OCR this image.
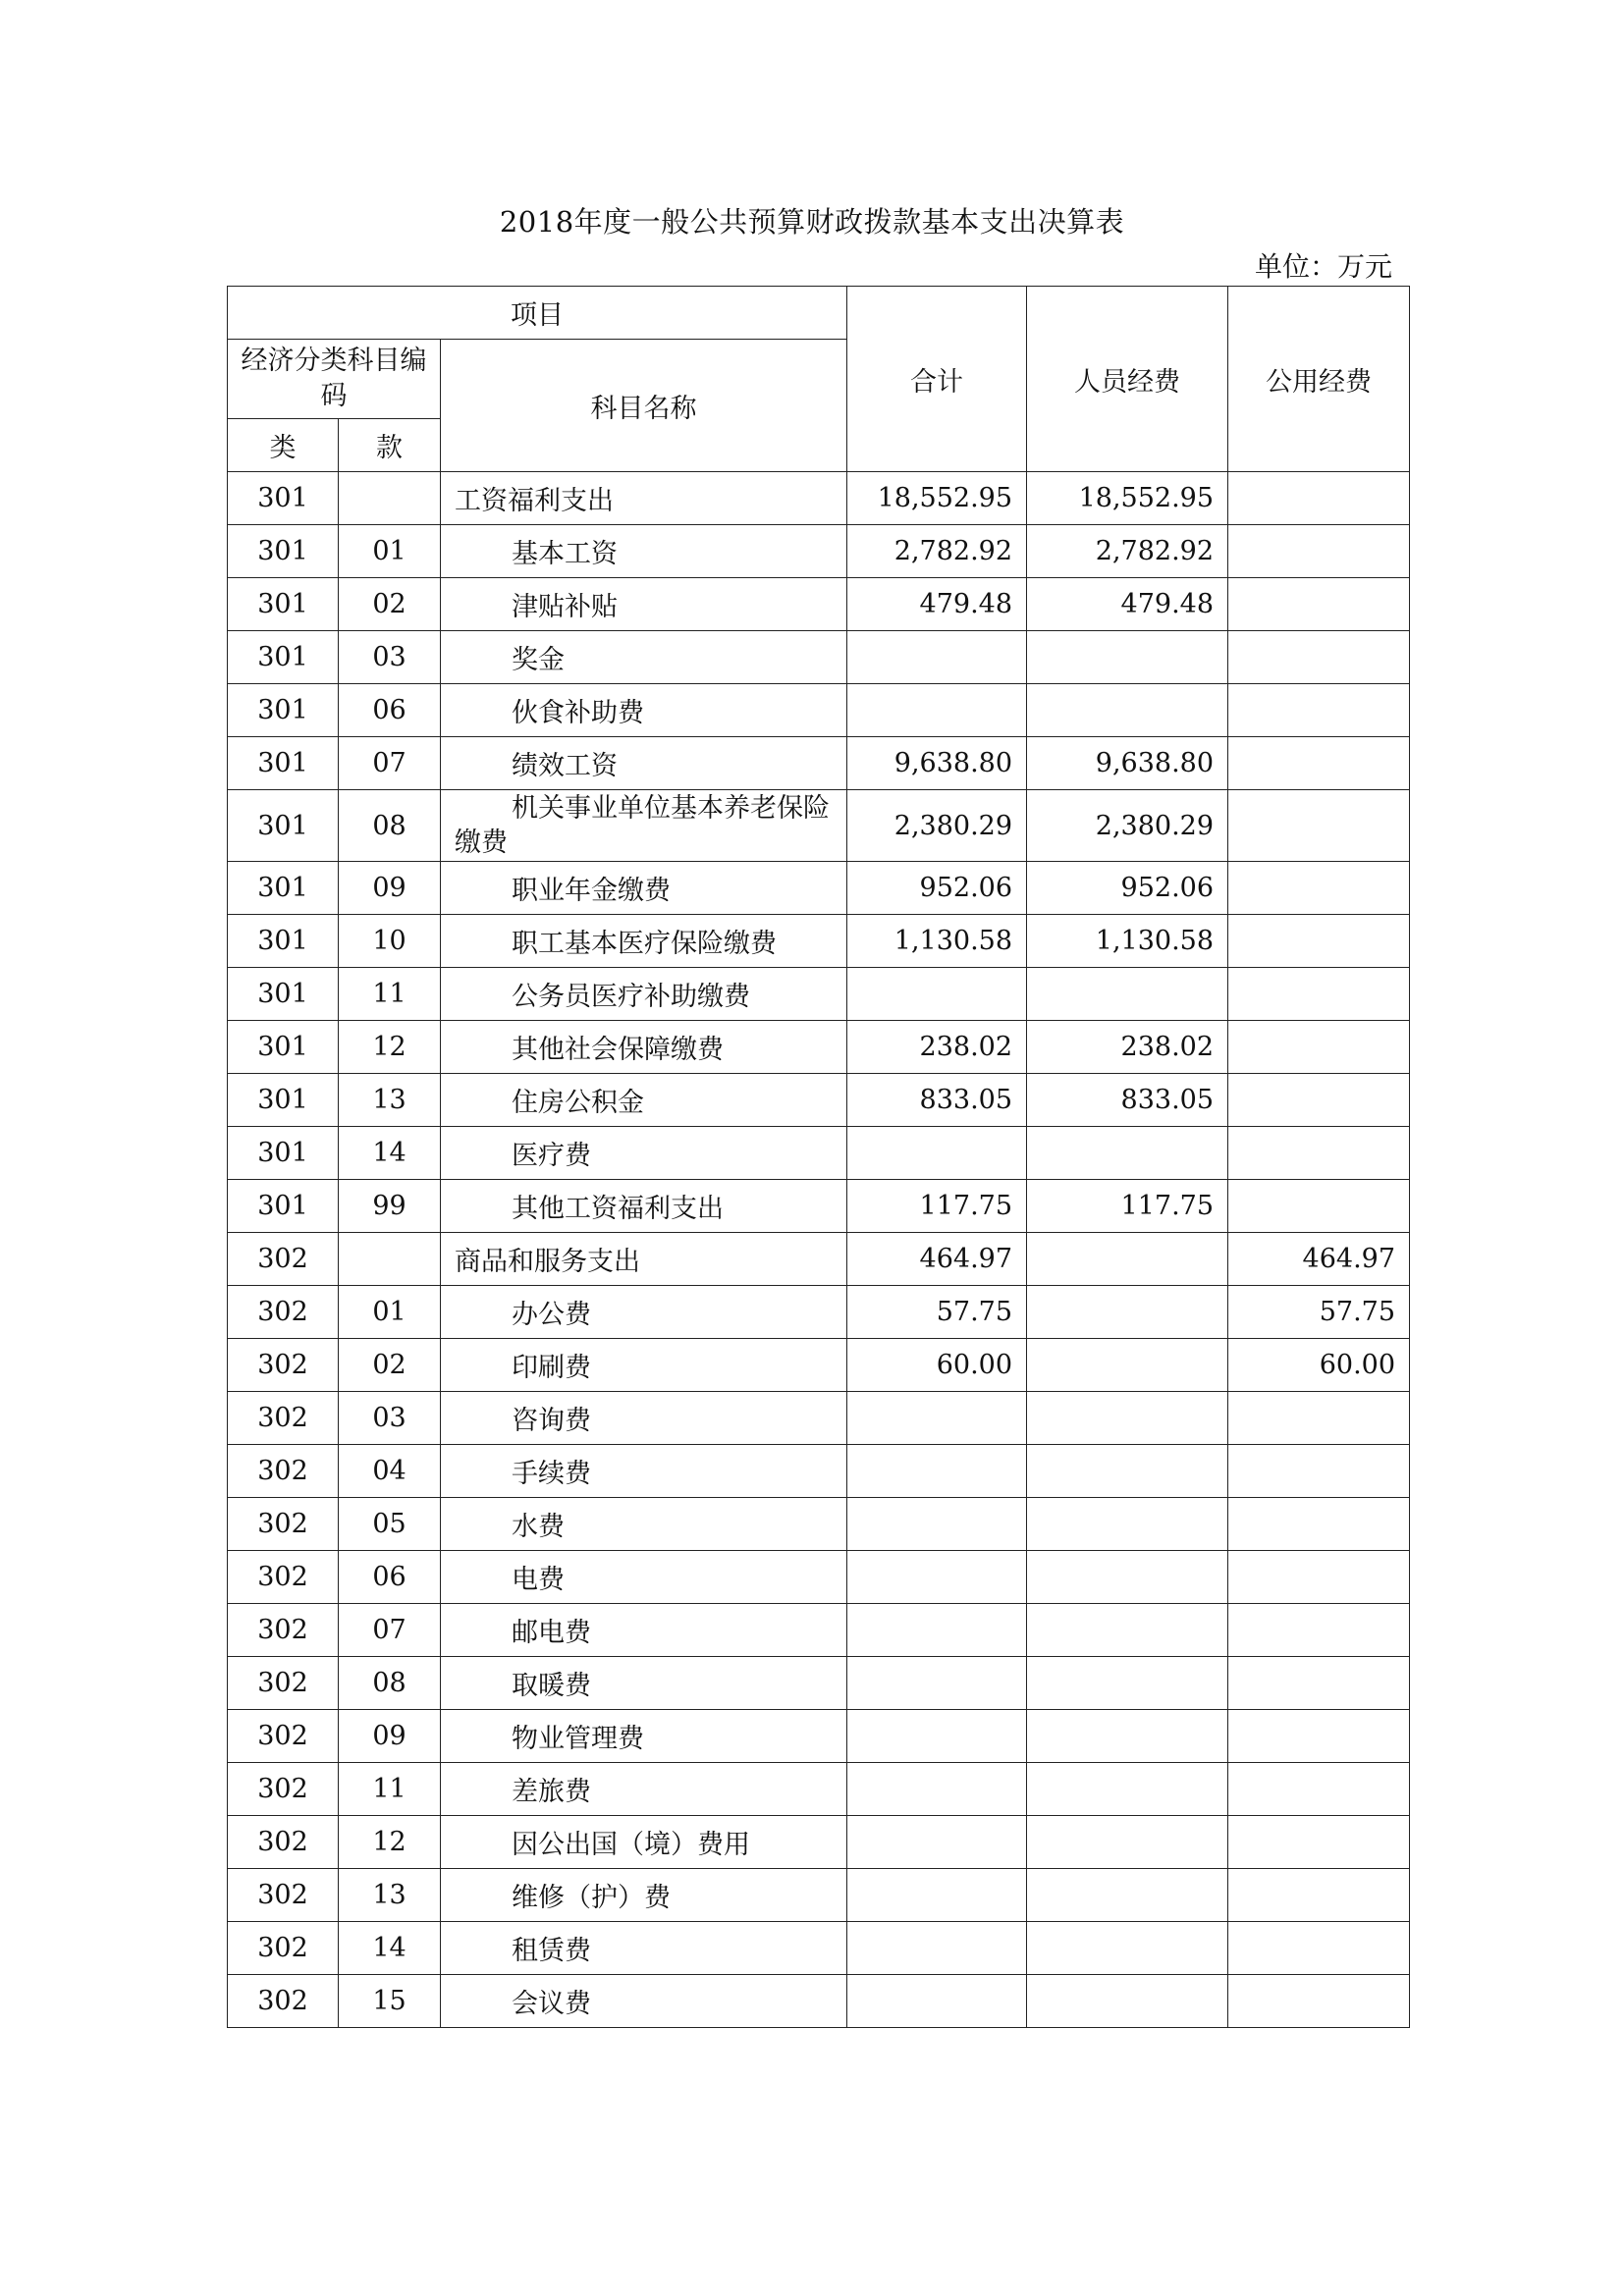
2018年度一般公共预算财政拨款基本支出决算表
单位：万元
项目			合计	人员经费	公用经费
经济分类科目编码		科目名称			
类	款				
301		工资福利支出	18,552.95	18,552.95	
301	01	基本工资	2,782.92	2,782.92	
301	02	津贴补贴	479.48	479.48	
301	03	奖金			
301	06	伙食补助费			
301	07	绩效工资	9,638.80	9,638.80	
301	08	机关事业单位基本养老保险缴费	2,380.29	2,380.29	
301	09	职业年金缴费	952.06	952.06	
301	10	职工基本医疗保险缴费	1,130.58	1,130.58	
301	11	公务员医疗补助缴费			
301	12	其他社会保障缴费	238.02	238.02	
301	13	住房公积金	833.05	833.05	
301	14	医疗费			
301	99	其他工资福利支出	117.75	117.75	
302		商品和服务支出	464.97		464.97
302	01	办公费	57.75		57.75
302	02	印刷费	60.00		60.00
302	03	咨询费			
302	04	手续费			
302	05	水费			
302	06	电费			
302	07	邮电费			
302	08	取暖费			
302	09	物业管理费			
302	11	差旅费			
302	12	因公出国（境）费用			
302	13	维修（护）费			
302	14	租赁费			
302	15	会议费			
